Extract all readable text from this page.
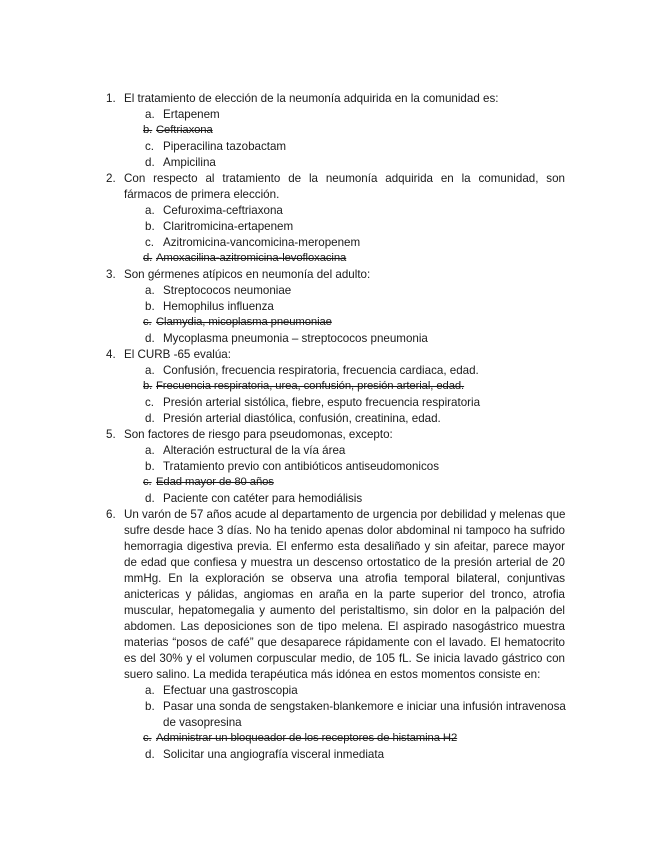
1. El tratamiento de elección de la neumonía adquirida en la comunidad es:
a. Ertapenem
b. Ceftriaxona
c. Piperacilina tazobactam
d. Ampicilina
2. Con respecto al tratamiento de la neumonía adquirida en la comunidad, son
fármacos de primera elección.
a. Cefuroxima-ceftriaxona
b. Claritromicina-ertapenem
c. Azitromicina-vancomicina-meropenem
d. Amoxacilina-azitromicina-levofloxacina
3. Son gérmenes atípicos en neumonía del adulto:
a. Streptococos neumoniae
b. Hemophilus influenza
c. Clamydia, micoplasma pneumoniae
d. Mycoplasma pneumonia – streptococos pneumonia
4. El CURB -65 evalúa:
a. Confusión, frecuencia respiratoria, frecuencia cardiaca, edad.
b. Frecuencia respiratoria, urea, confusión, presión arterial, edad.
c. Presión arterial sistólica, fiebre, esputo frecuencia respiratoria
d. Presión arterial diastólica, confusión, creatinina, edad.
5. Son factores de riesgo para pseudomonas, excepto:
a. Alteración estructural de la vía área
b. Tratamiento previo con antibióticos antiseudomonicos
c. Edad mayor de 80 años
d. Paciente con catéter para hemodiálisis
6. Un varón de 57 años acude al departamento de urgencia por debilidad y melenas que
sufre desde hace 3 días. No ha tenido apenas dolor abdominal ni tampoco ha sufrido
hemorragia digestiva previa. El enfermo esta desaliñado y sin afeitar, parece mayor
de edad que confiesa y muestra un descenso ortostatico de la presión arterial de 20
mmHg. En la exploración se observa una atrofia temporal bilateral, conjuntivas
anictericas y pálidas, angiomas en araña en la parte superior del tronco, atrofia
muscular, hepatomegalia y aumento del peristaltismo, sin dolor en la palpación del
abdomen. Las deposiciones son de tipo melena. El aspirado nasogástrico muestra
materias “posos de café” que desaparece rápidamente con el lavado. El hematocrito
es del 30% y el volumen corpuscular medio, de 105 fL. Se inicia lavado gástrico con
suero salino. La medida terapéutica más idónea en estos momentos consiste en:
a. Efectuar una gastroscopia
b. Pasar una sonda de sengstaken-blankemore e iniciar una infusión intravenosa
de vasopresina
c. Administrar un bloqueador de los receptores de histamina H2
d. Solicitar una angiografía visceral inmediata
